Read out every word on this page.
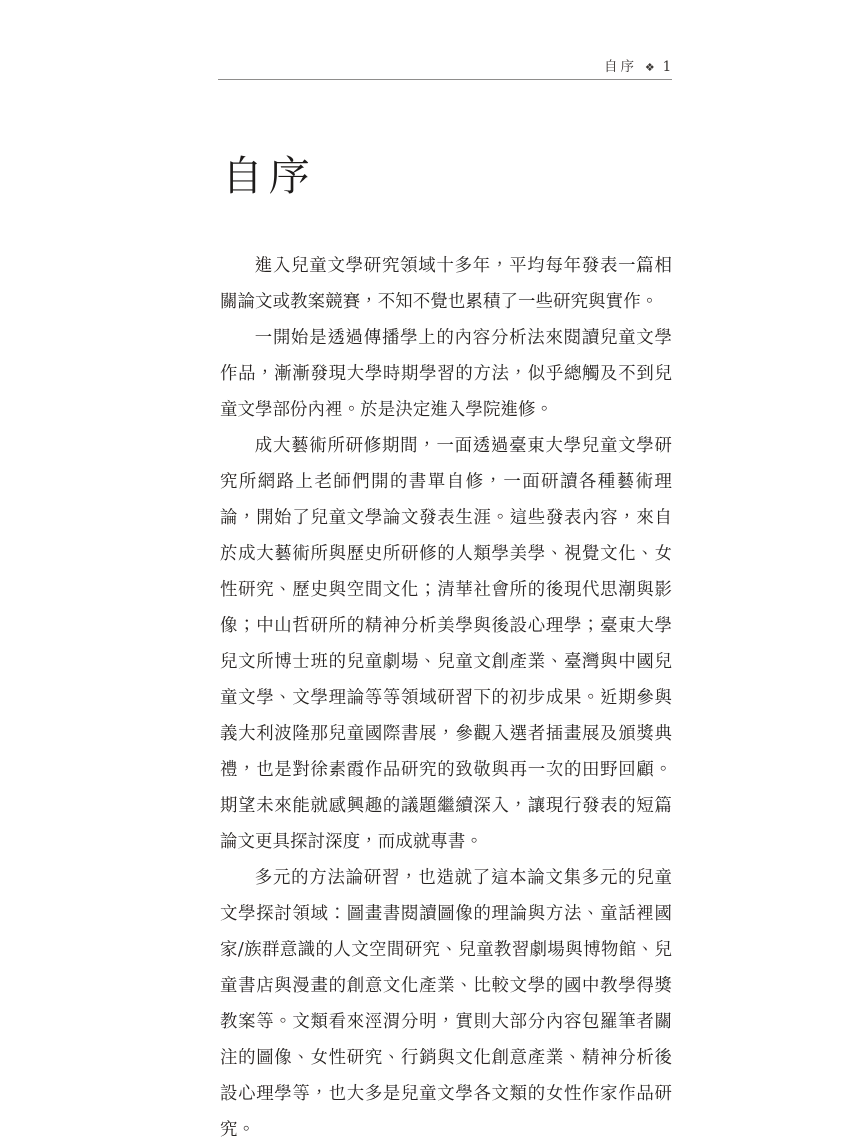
自序 ❖ 1
自序

進入兒童文學研究領域十多年，平均每年發表一篇相關論文或教案競賽，不知不覺也累積了一些研究與實作。

一開始是透過傳播學上的內容分析法來閱讀兒童文學作品，漸漸發現大學時期學習的方法，似乎總觸及不到兒童文學部份內裡。於是決定進入學院進修。

成大藝術所研修期間，一面透過臺東大學兒童文學研究所網路上老師們開的書單自修，一面研讀各種藝術理論，開始了兒童文學論文發表生涯。這些發表內容，來自於成大藝術所與歷史所研修的人類學美學、視覺文化、女性研究、歷史與空間文化；清華社會所的後現代思潮與影像；中山哲研所的精神分析美學與後設心理學；臺東大學兒文所博士班的兒童劇場、兒童文創產業、臺灣與中國兒童文學、文學理論等等領域研習下的初步成果。近期參與義大利波隆那兒童國際書展，參觀入選者插畫展及頒獎典禮，也是對徐素霞作品研究的致敬與再一次的田野回顧。期望未來能就感興趣的議題繼續深入，讓現行發表的短篇論文更具探討深度，而成就專書。

多元的方法論研習，也造就了這本論文集多元的兒童文學探討領域：圖畫書閱讀圖像的理論與方法、童話裡國家/族群意識的人文空間研究、兒童教習劇場與博物館、兒童書店與漫畫的創意文化產業、比較文學的國中教學得獎教案等。文類看來涇渭分明，實則大部分內容包羅筆者關注的圖像、女性研究、行銷與文化創意產業、精神分析後設心理學等，也大多是兒童文學各文類的女性作家作品研究。
